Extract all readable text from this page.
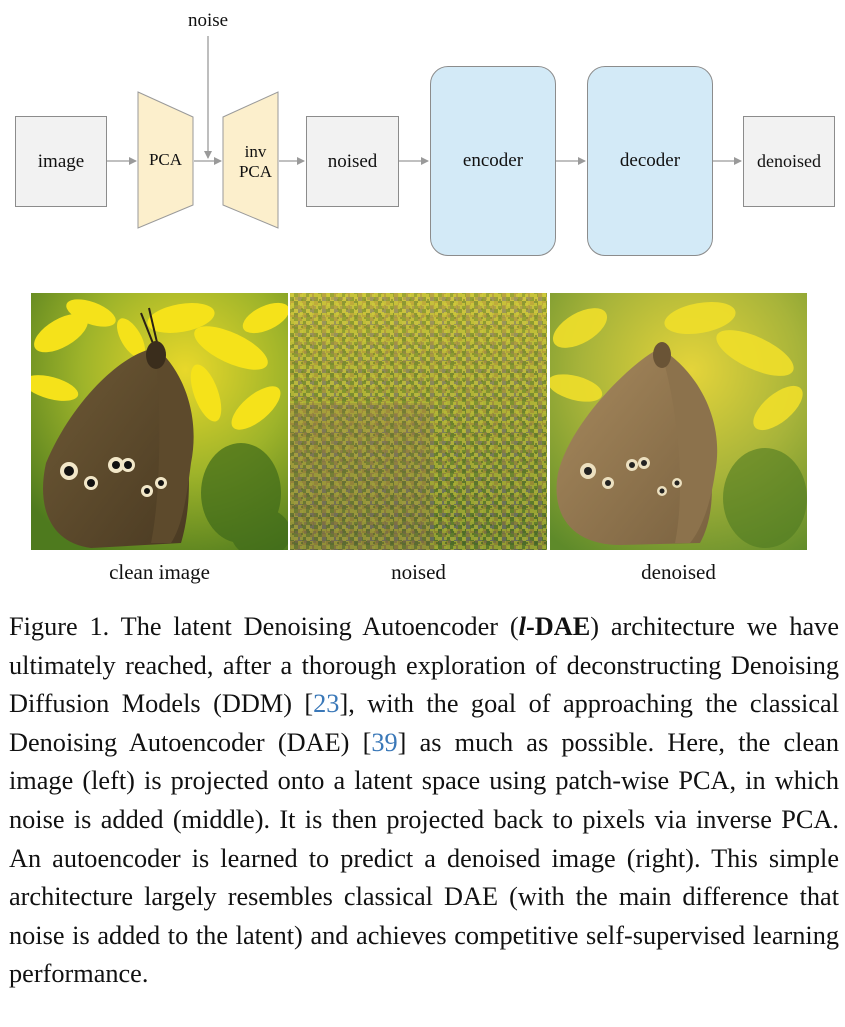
noise
image	PCA	inv
PCA	noised	encoder	decoder	denoised
clean image	noised	denoised
Figure 1. The latent Denoising Autoencoder (l-DAE) architecture we have ultimately reached, after a thorough exploration of deconstructing Denoising Diffusion Models (DDM) [23], with the goal of approaching the classical Denoising Autoencoder (DAE) [39] as much as possible. Here, the clean image (left) is projected onto a latent space using patch-wise PCA, in which noise is added (middle). It is then projected back to pixels via inverse PCA. An autoencoder is learned to predict a denoised image (right). This simple architecture largely resembles classical DAE (with the main difference that noise is added to the latent) and achieves competitive self-supervised learning performance.
